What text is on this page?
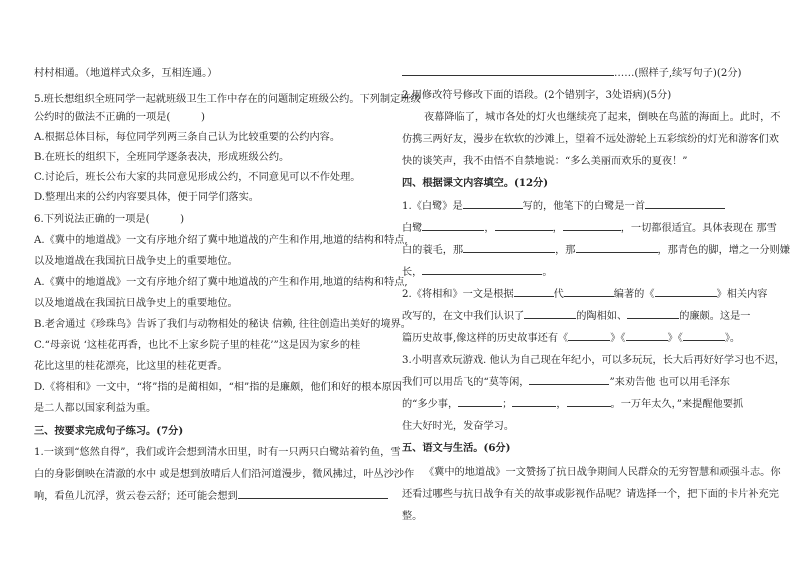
村村相通。（地道样式众多，互相连通。）
5.班长想组织全班同学一起就班级卫生工作中存在的问题制定班级公约。下列制定班级
公约时的做法不正确的一项是(　　　)
A.根据总体目标，每位同学列两三条自己认为比较重要的公约内容。
B.在班长的组织下，全班同学逐条表决，形成班级公约。
C.讨论后，班长公布大家的共同意见形成公约，不同意见可以不作处理。
D.整理出来的公约内容要具体，便于同学们落实。
6.下列说法正确的一项是(　　　)
A.《冀中的地道战》一文有序地介绍了冀中地道战的产生和作用,地道的结构和特点,
以及地道战在我国抗日战争史上的重要地位。
A.《冀中的地道战》一文有序地介绍了冀中地道战的产生和作用,地道的结构和特点,
以及地道战在我国抗日战争史上的重要地位。
B.老舍通过《珍珠鸟》告诉了我们与动物相处的秘诀 信赖, 往往创造出美好的境界。
C.“母亲说 ‘这桂花再香，也比不上家乡院子里的桂花’”这是因为家乡的桂
花比这里的桂花漂亮，比这里的桂花更香。
D.《将相和》一文中，“将”指的是蔺相如，“相”指的是廉颇，他们和好的根本原因
是二人都以国家利益为重。
三、按要求完成句子练习。(7分)
1.一谈到“悠然自得”，我们或许会想到清水田里，时有一只两只白鹭站着钓鱼，雪
白的身影倒映在清澈的水中 或是想到放晴后人们沿河道漫步，微风拂过，叶丛沙沙作
响，看鱼儿沉浮，赏云卷云舒；还可能会想到
……(照样子,续写句子)(2分)
2.用修改符号修改下面的语段。(2个错别字，3处语病)(5分)
夜幕降临了，城市各处的灯火也继续亮了起来，倒映在鸟蓝的海面上。此时，不
仿携三两好友，漫步在软软的沙滩上，望着不远处游轮上五彩缤纷的灯光和游客们欢
快的谈笑声，我不由悟不自禁地说：“多么美丽而欢乐的夏夜！”
四、根据课文内容填空。(12分)
1.《白鹭》是	写的，他笔下的白鹭是一首
白鹭	，	，	，一切都很适宜。具体表现在 那雪
白的蓑毛，那	，那	，那青色的脚，增之一分则嫌
长，	。
2.《将相和》一文是根据	代	编著的《	》相关内容
改写的，在文中我们认识了	的陶相如、	的廉颇。这是一
篇历史故事,像这样的历史故事还有《	》《	》《	》。
3.小明喜欢玩游戏. 他认为自己现在年纪小，可以多玩玩，长大后再好好学习也不迟，
我们可以用岳飞的“莫等闲，	”来劝告他 也可以用毛泽东
的“多少事，	；	，	。一万年太久，”来提醒他要抓
住大好时光，发奋学习。
五、语文与生活。(6分)
《冀中的地道战》一文赞扬了抗日战争期间人民群众的无穷智慧和顽强斗志。你
还看过哪些与抗日战争有关的故事或影视作品呢？请选择一个，把下面的卡片补充完
整。
